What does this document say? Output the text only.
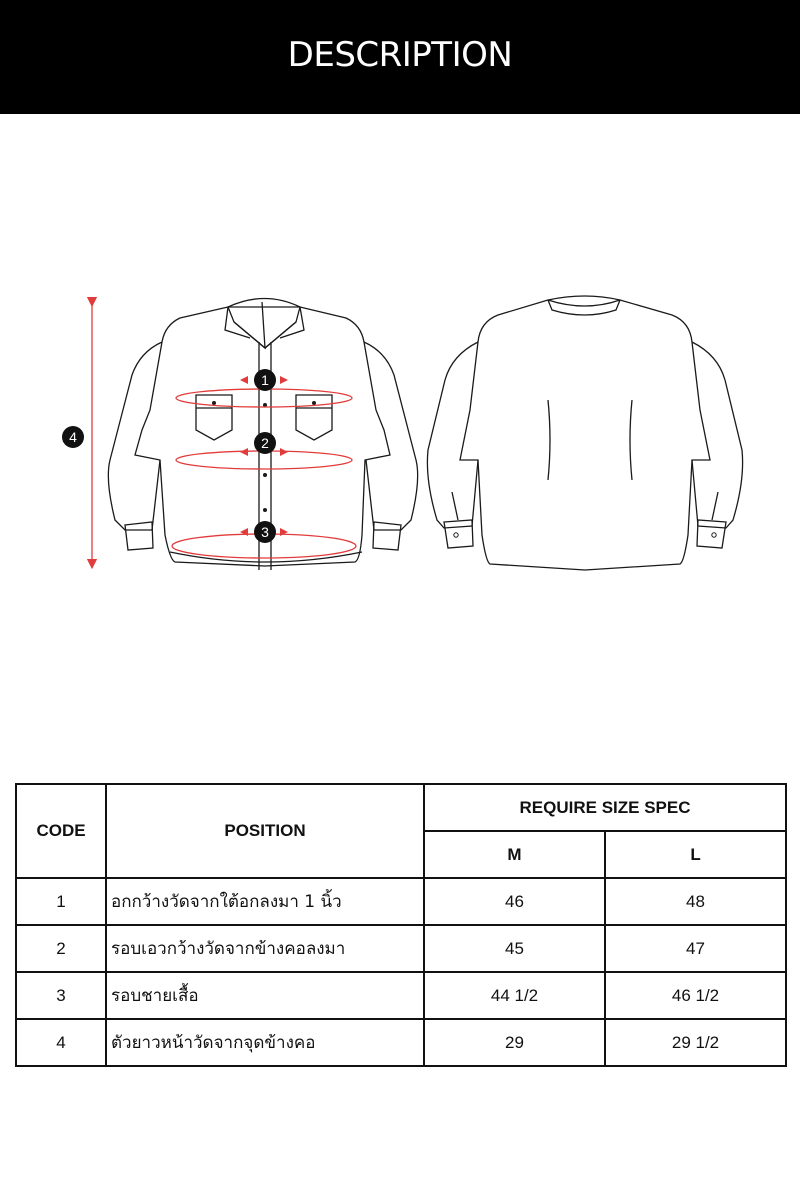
DESCRIPTION
1
2
3
4
CODE	POSITION	REQUIRE SIZE SPEC	
		M	L
1	อกกว้างวัดจากใต้อกลงมา 1 นิ้ว	46	48
2	รอบเอวกว้างวัดจากข้างคอลงมา	45	47
3	รอบชายเสื้อ	44 1/2	46 1/2
4	ตัวยาวหน้าวัดจากจุดข้างคอ	29	29 1/2
